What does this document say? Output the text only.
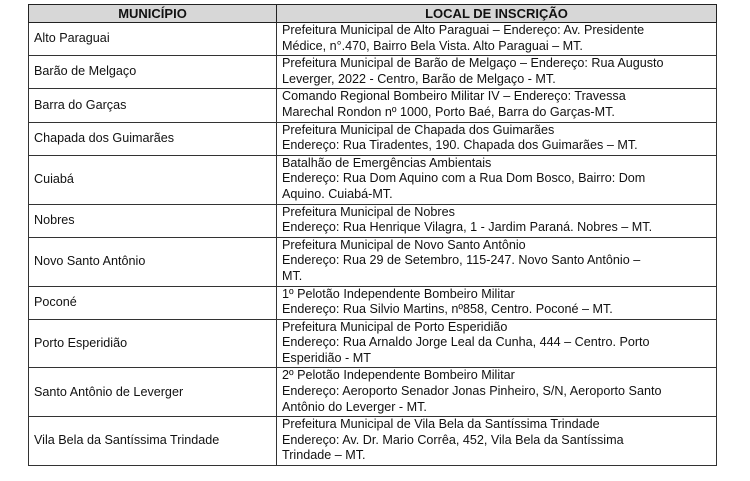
MUNICÍPIO	LOCAL DE INSCRIÇÃO
Alto Paraguai	Prefeitura Municipal de Alto Paraguai – Endereço: Av. Presidente
Médice, n°.470, Bairro Bela Vista. Alto Paraguai – MT.

Barão de Melgaço	Prefeitura Municipal de Barão de Melgaço – Endereço: Rua Augusto
Leverger, 2022 - Centro, Barão de Melgaço - MT.

Barra do Garças	Comando Regional Bombeiro Militar IV – Endereço: Travessa
Marechal Rondon nº 1000, Porto Baé, Barra do Garças-MT.

Chapada dos Guimarães	Prefeitura Municipal de Chapada dos Guimarães
Endereço: Rua Tiradentes, 190. Chapada dos Guimarães – MT.

Cuiabá	Batalhão de Emergências Ambientais
Endereço: Rua Dom Aquino com a Rua Dom Bosco, Bairro: Dom
Aquino. Cuiabá-MT.

Nobres	Prefeitura Municipal de Nobres
Endereço: Rua Henrique Vilagra, 1 - Jardim Paraná. Nobres – MT.

Novo Santo Antônio	Prefeitura Municipal de Novo Santo Antônio
Endereço: Rua 29 de Setembro, 115-247. Novo Santo Antônio –
MT.

Poconé	1º Pelotão Independente Bombeiro Militar
Endereço: Rua Silvio Martins, nº858, Centro. Poconé – MT.

Porto Esperidião	Prefeitura Municipal de Porto Esperidião
Endereço: Rua Arnaldo Jorge Leal da Cunha, 444 – Centro. Porto
Esperidião - MT

Santo Antônio de Leverger	2º Pelotão Independente Bombeiro Militar
Endereço: Aeroporto Senador Jonas Pinheiro, S/N, Aeroporto Santo
Antônio do Leverger - MT.

Vila Bela da Santíssima Trindade	Prefeitura Municipal de Vila Bela da Santíssima Trindade
Endereço: Av. Dr. Mario Corrêa, 452, Vila Bela da Santíssima
Trindade – MT.
